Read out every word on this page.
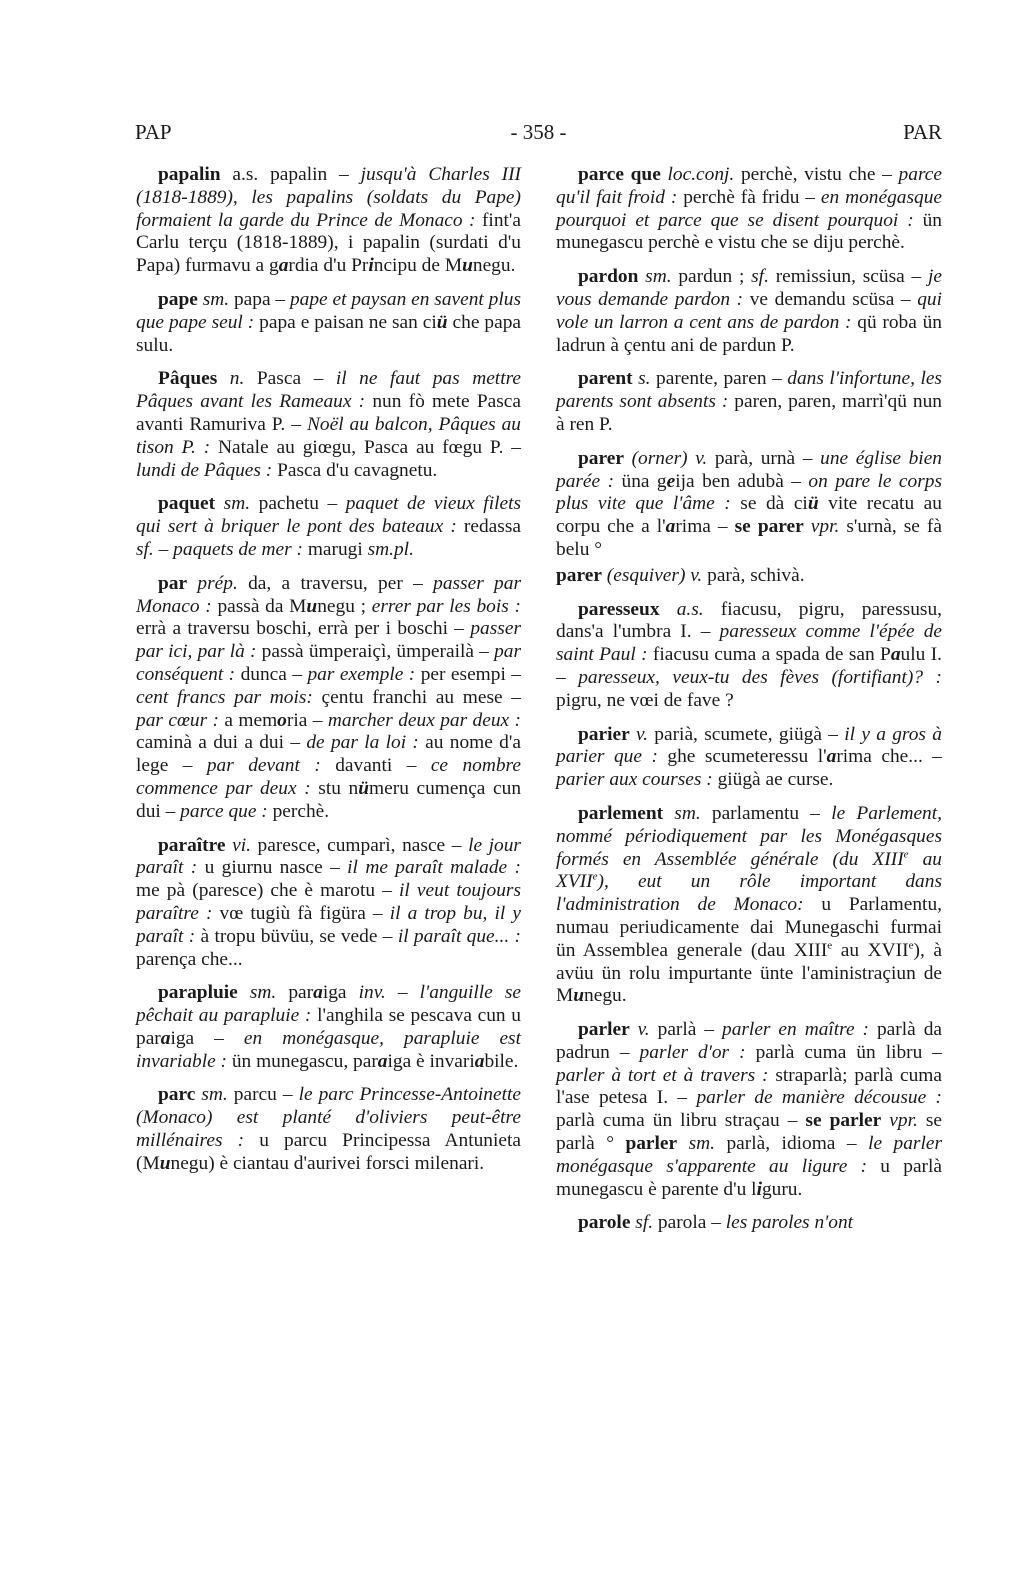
PAP	- 358 -	PAR

papalin a.s. papalin – jusqu'à Charles III (1818-1889), les papalins (soldats du Pape) formaient la garde du Prince de Monaco : fint'a Carlu terçu (1818-1889), i papalin (surdati d'u Papa) furmavu a gardia d'u Principu de Munegu.

pape sm. papa – pape et paysan en savent plus que pape seul : papa e paisan ne san ciü che papa sulu.

Pâques n. Pasca – il ne faut pas mettre Pâques avant les Rameaux : nun fò mete Pasca avanti Ramuriva P. – Noël au balcon, Pâques au tison P. : Natale au giœgu, Pasca au fœgu P. – lundi de Pâques : Pasca d'u cavagnetu.

paquet sm. pachetu – paquet de vieux filets qui sert à briquer le pont des bateaux : redassa sf. – paquets de mer : marugi sm.pl.

par prép. da, a traversu, per – passer par Monaco : passà da Munegu ; errer par les bois : errà a traversu boschi, errà per i boschi – passer par ici, par là : passà ümperaiçì, ümperailà – par conséquent : dunca – par exemple : per esempi – cent francs par mois: çentu franchi au mese – par cœur : a memoria – marcher deux par deux : caminà a dui a dui – de par la loi : au nome d'a lege – par devant : davanti – ce nombre commence par deux : stu nümeru cumença cun dui – parce que : perchè.

paraître vi. paresce, cumparì, nasce – le jour paraît : u giurnu nasce – il me paraît malade : me pà (paresce) che è marotu – il veut toujours paraître : vœ tugiù fà figüra – il a trop bu, il y paraît : à tropu büvüu, se vede – il paraît que... : parença che...

parapluie sm. paraiga inv. – l'anguille se pêchait au parapluie : l'anghila se pescava cun u paraiga – en monégasque, parapluie est invariable : ün munegascu, paraiga è invariabile.

parc sm. parcu – le parc Princesse-Antoinette (Monaco) est planté d'oliviers peut-être millénaires : u parcu Principessa Antunieta (Munegu) è ciantau d'aurivei forsci milenari.

parce que loc.conj. perchè, vistu che – parce qu'il fait froid : perchè fà fridu – en monégasque pourquoi et parce que se disent pourquoi : ün munegascu perchè e vistu che se diju perchè.

pardon sm. pardun ; sf. remissiun, scüsa – je vous demande pardon : ve demandu scüsa – qui vole un larron a cent ans de pardon : qü roba ün ladrun à çentu ani de pardun P.

parent s. parente, paren – dans l'infortune, les parents sont absents : paren, paren, marrì'qü nun à ren P.

parer (orner) v. parà, urnà – une église bien parée : üna geija ben adubà – on pare le corps plus vite que l'âme : se dà ciü vite recatu au corpu che a l'arima – se parer vpr. s'urnà, se fà belu °

parer (esquiver) v. parà, schivà.

paresseux a.s. fiacusu, pigru, paressusu, dans'a l'umbra I. – paresseux comme l'épée de saint Paul : fiacusu cuma a spada de san Paulu I. – paresseux, veux-tu des fèves (fortifiant)? : pigru, ne vœi de fave ?

parier v. parià, scumete, giügà – il y a gros à parier que : ghe scumeteressu l'arima che... – parier aux courses : giügà ae curse.

parlement sm. parlamentu – le Parlement, nommé périodiquement par les Monégasques formés en Assemblée générale (du XIIIe au XVIIe), eut un rôle important dans l'administration de Monaco: u Parlamentu, numau periudicamente dai Munegaschi furmai ün Assemblea generale (dau XIIIe au XVIIe), à avüu ün rolu impurtante ünte l'aministraçiun de Munegu.

parler v. parlà – parler en maître : parlà da padrun – parler d'or : parlà cuma ün libru – parler à tort et à travers : straparlà; parlà cuma l'ase petesa I. – parler de manière décousue : parlà cuma ün libru straçau – se parler vpr. se parlà ° parler sm. parlà, idioma – le parler monégasque s'apparente au ligure : u parlà munegascu è parente d'u liguru.

parole sf. parola – les paroles n'ont
